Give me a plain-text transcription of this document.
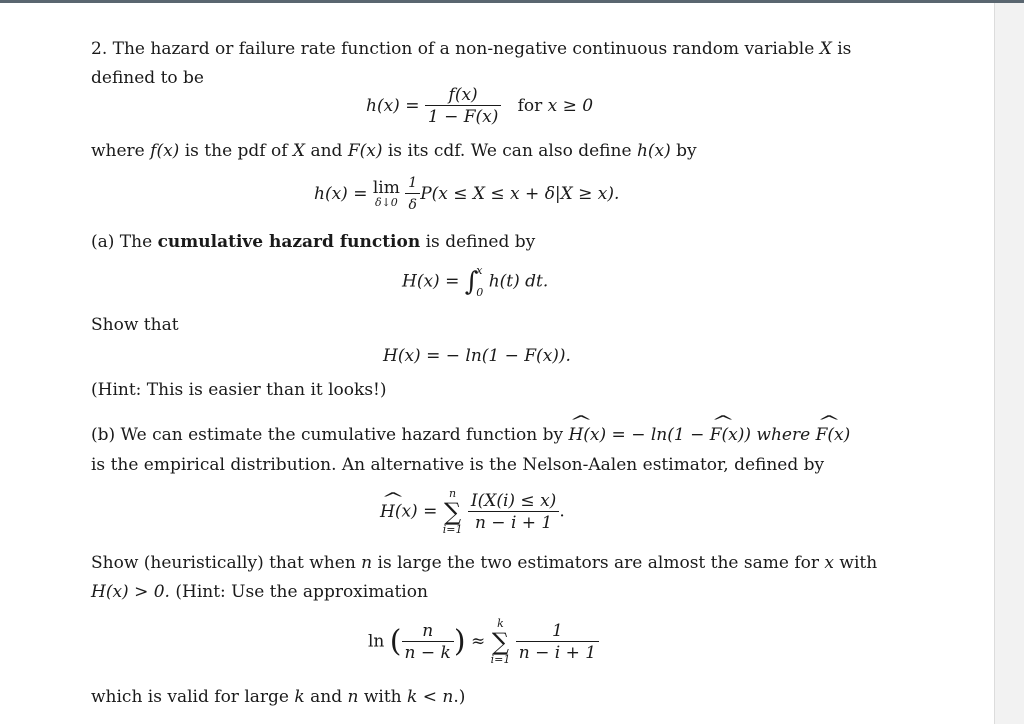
2. The hazard or failure rate function of a non-negative continuous random variable X is
defined to be
$h(x) = \frac{f(x)}{1 - F(x)}$ for x ≥ 0
where f(x) is the pdf of X and F(x) is its cdf. We can also define h(x) by
h(x) = lim
δ↓0
$\frac{1}{\delta} P(x \le X \le x + \delta|X \ge x)$.
(a) The cumulative hazard function is defined by
H(x) = ∫
x
0
h(t) dt.
Show that
H(x) = − ln(1 − F(x)).
(Hint: This is easier than it looks!)
(b) We can estimate the cumulative hazard function by ^ H(x) = − ln(1 − ^ F(x)) where ^ F(x)
is the empirical distribution. An alternative is the Nelson-Aalen estimator, defined by
^ H(x) =
n
∑
i=1
$\frac{I(X(i) \le x)}{n - i + 1}$ .
Show (heuristically) that when n is large the two estimators are almost the same for x with
H(x) > 0. (Hint: Use the approximation
ln ( $\frac{n}{n - k}$ ) ≈
k
∑
i=1
$\frac{1}{n - i + 1}$
which is valid for large k and n with k < n.)
